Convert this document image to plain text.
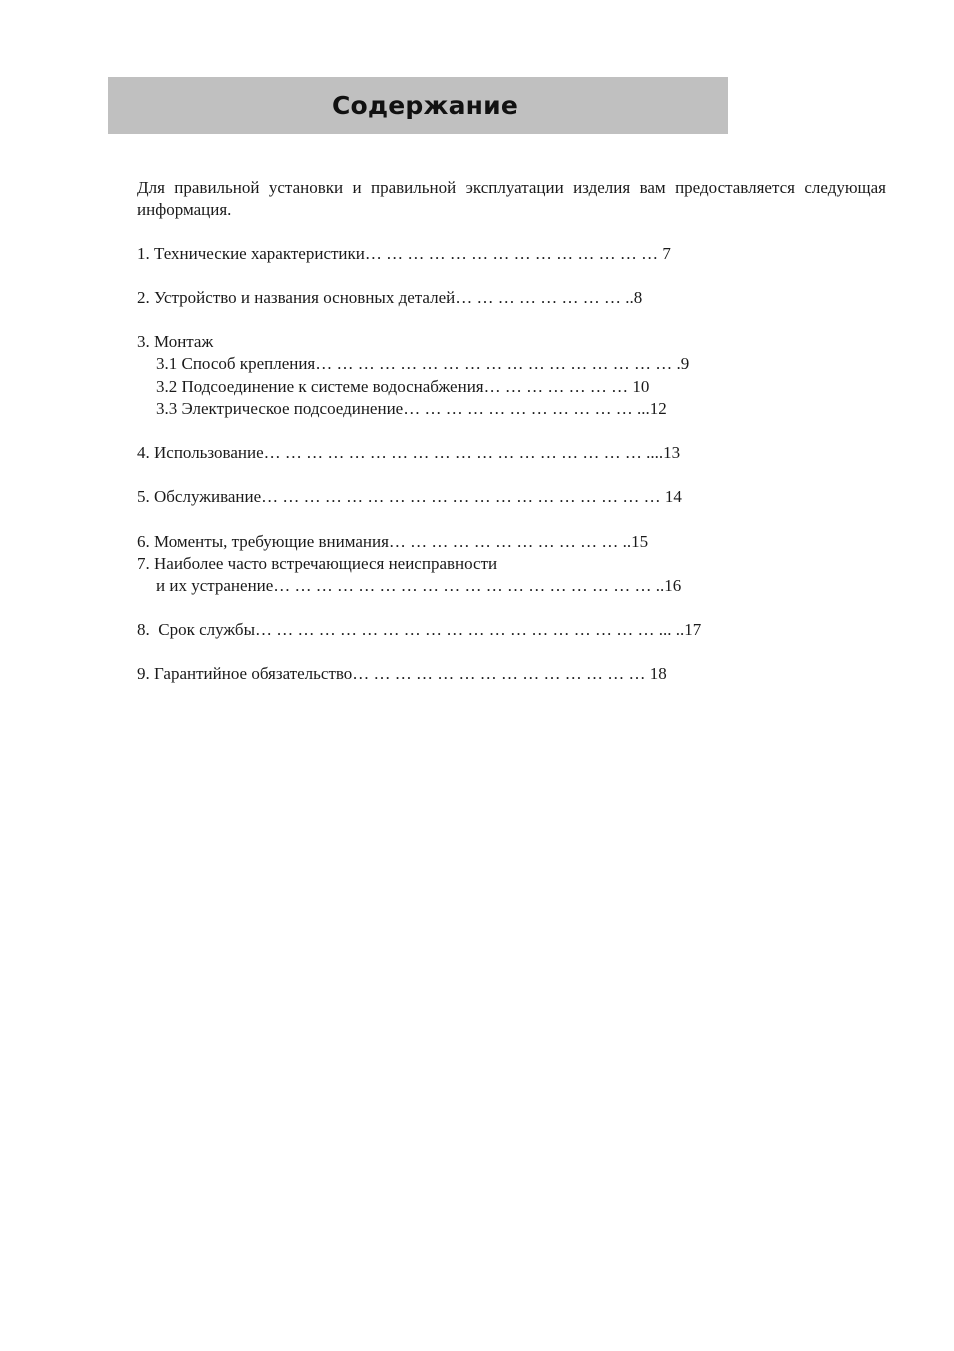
Содержание

Для правильной установки и правильной эксплуатации изделия вам предоставляется следующая информация.

1. Технические характеристики… … … … … … … … … … … … … … 7

2. Устройство и названия основных деталей… … … … … … … … ..8

3. Монтаж

3.1 Способ крепления… … … … … … … … … … … … … … … … … .9

3.2 Подсоединение к системе водоснабжения… … … … … … … 10

3.3 Электрическое подсоединение… … … … … … … … … … … ...12

4. Использование… … … … … … … … … … … … … … … … … … ....13

5. Обслуживание… … … … … … … … … … … … … … … … … … … 14

6. Моменты, требующие внимания… … … … … … … … … … … ..15

7. Наиболее часто встречающиеся неисправности

и их устранение… … … … … … … … … … … … … … … … … … ..16

8.  Срок службы… … … … … … … … … … … … … … … … … … … ... ..17

9. Гарантийное обязательство… … … … … … … … … … … … … … 18
